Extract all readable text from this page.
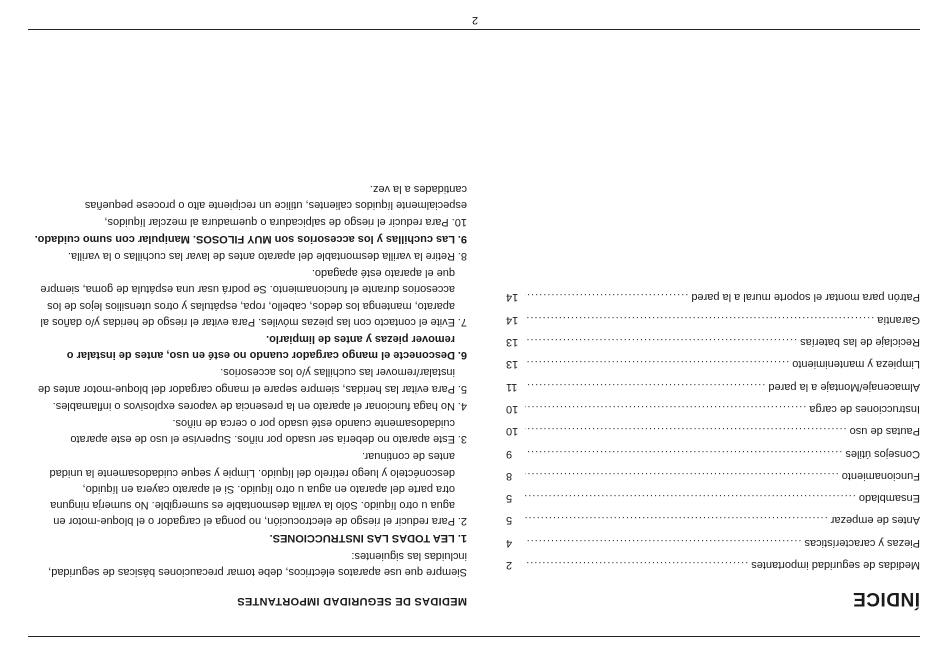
ÍNDICE
Medidas de seguridad importantes
.....
2
Piezas y características
.....
4
Antes de empezar
.....
5
Ensamblado
.....
5
Funcionamiento
.....
8
Consejos útiles
.....
9
Pautas de uso
.....
10
Instrucciones de carga
.....
10
Almacenaje/Montaje a la pared
.....
11
Limpieza y mantenimiento
.....
13
Reciclaje de las baterías
.....
13
Garantía
.....
14
Patrón para montar el soporte mural a la pared
.....
14
MEDIDAS DE SEGURIDAD IMPORTANTES

Siempre que use aparatos eléctricos, debe tomar precauciones básicas de seguridad, incluidas las siguientes:

1. LEA TODAS LAS INSTRUCCIONES.
2.
Para reducir el riesgo de electrocución, no ponga el cargador o el bloque-motor en agua u otro líquido. Sólo la varilla desmontable es sumergible. No sumerja ninguna otra parte del aparato en agua u otro líquido. Si el aparato cayera en líquido, desconéctelo y luego retírelo del líquido. Limpie y seque cuidadosamente la unidad antes de continuar.
3.
Este aparato no debería ser usado por niños. Supervise el uso de este aparato cuidadosamente cuando esté usado por o cerca de niños.
4.
No haga funcionar el aparato en la presencia de vapores explosivos o inflamables.
5.
Para evitar las heridas, siempre separe el mango cargador del bloque-motor antes de instalar/remover las cuchillas y/o los accesorios.
6.
Desconecte el mango cargador cuando no esté en uso, antes de instalar o remover piezas y antes de limpiarlo.
7.
Evite el contacto con las piezas móviles. Para evitar el riesgo de heridas y/o daños al aparato, mantenga los dedos, cabello, ropa, espátulas y otros utensilios lejos de los accesorios durante el funcionamiento. Se podrá usar una espátula de goma, siempre que el aparato esté apagado.
8.
Retire la varilla desmontable del aparato antes de lavar las cuchillas o la varilla.
9.
Las cuchillas y los accesorios son MUY FILOSOS. Manipular con sumo cuidado.
10. Para reducir el riesgo de salpicadura o quemadura al mezclar líquidos, especialmente líquidos calientes, utilice un recipiente alto o procese pequeñas cantidades a la vez.
2
